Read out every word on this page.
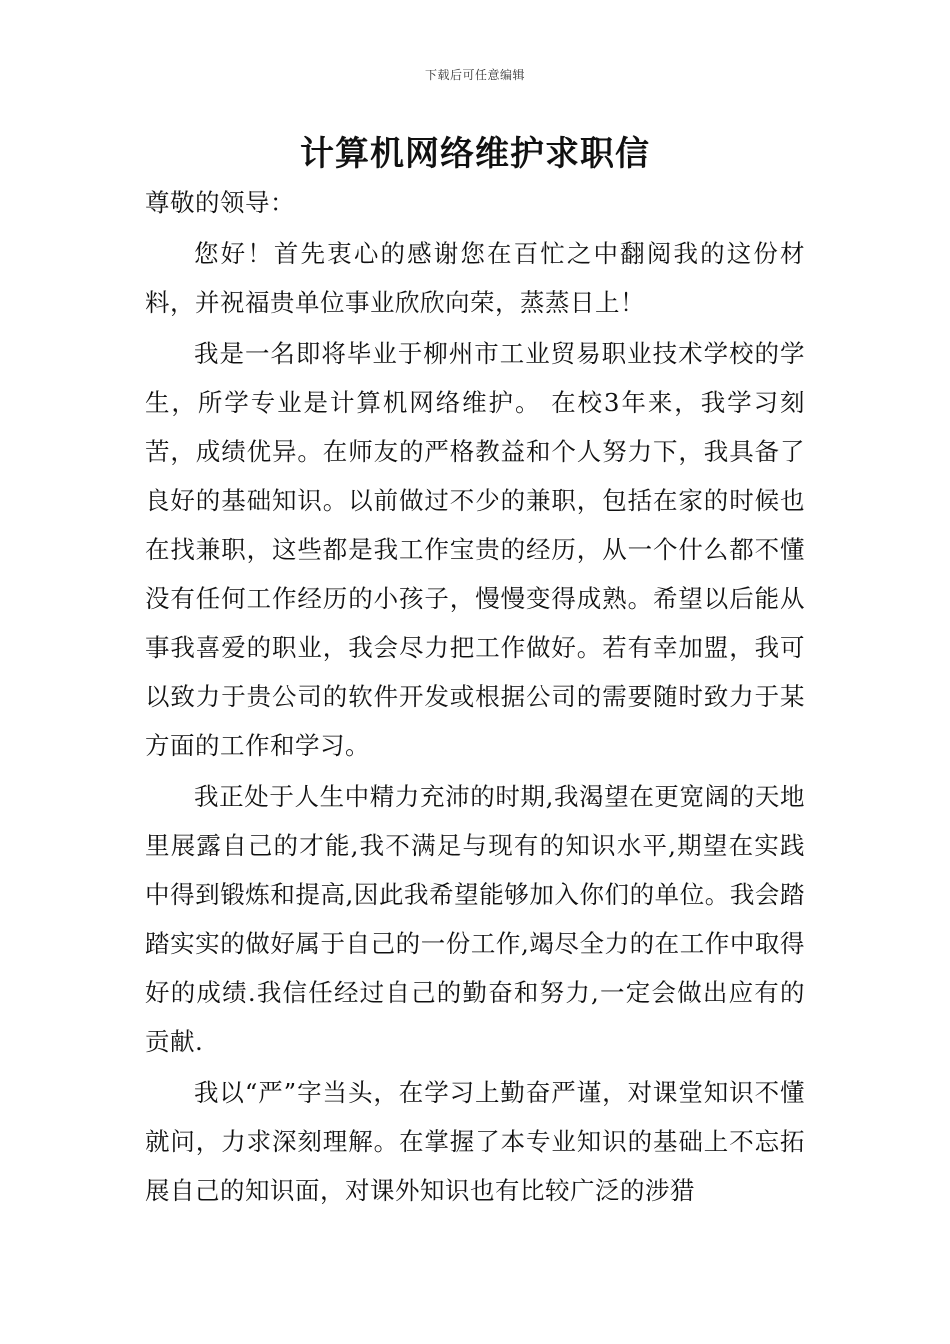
下载后可任意编辑
计算机网络维护求职信

尊敬的领导：

您好！首先衷心的感谢您在百忙之中翻阅我的这份材料，并祝福贵单位事业欣欣向荣，蒸蒸日上！

我是一名即将毕业于柳州市工业贸易职业技术学校的学生，所学专业是计算机网络维护。 在校3年来，我学习刻苦，成绩优异。在师友的严格教益和个人努力下，我具备了良好的基础知识。以前做过不少的兼职，包括在家的时候也在找兼职，这些都是我工作宝贵的经历，从一个什么都不懂没有任何工作经历的小孩子，慢慢变得成熟。希望以后能从事我喜爱的职业，我会尽力把工作做好。若有幸加盟，我可以致力于贵公司的软件开发或根据公司的需要随时致力于某方面的工作和学习。

我正处于人生中精力充沛的时期,我渴望在更宽阔的天地里展露自己的才能,我不满足与现有的知识水平,期望在实践中得到锻炼和提高,因此我希望能够加入你们的单位。我会踏踏实实的做好属于自己的一份工作,竭尽全力的在工作中取得好的成绩.我信任经过自己的勤奋和努力,一定会做出应有的贡献.

我以“严”字当头，在学习上勤奋严谨，对课堂知识不懂就问，力求深刻理解。在掌握了本专业知识的基础上不忘拓展自己的知识面，对课外知识也有比较广泛的涉猎
